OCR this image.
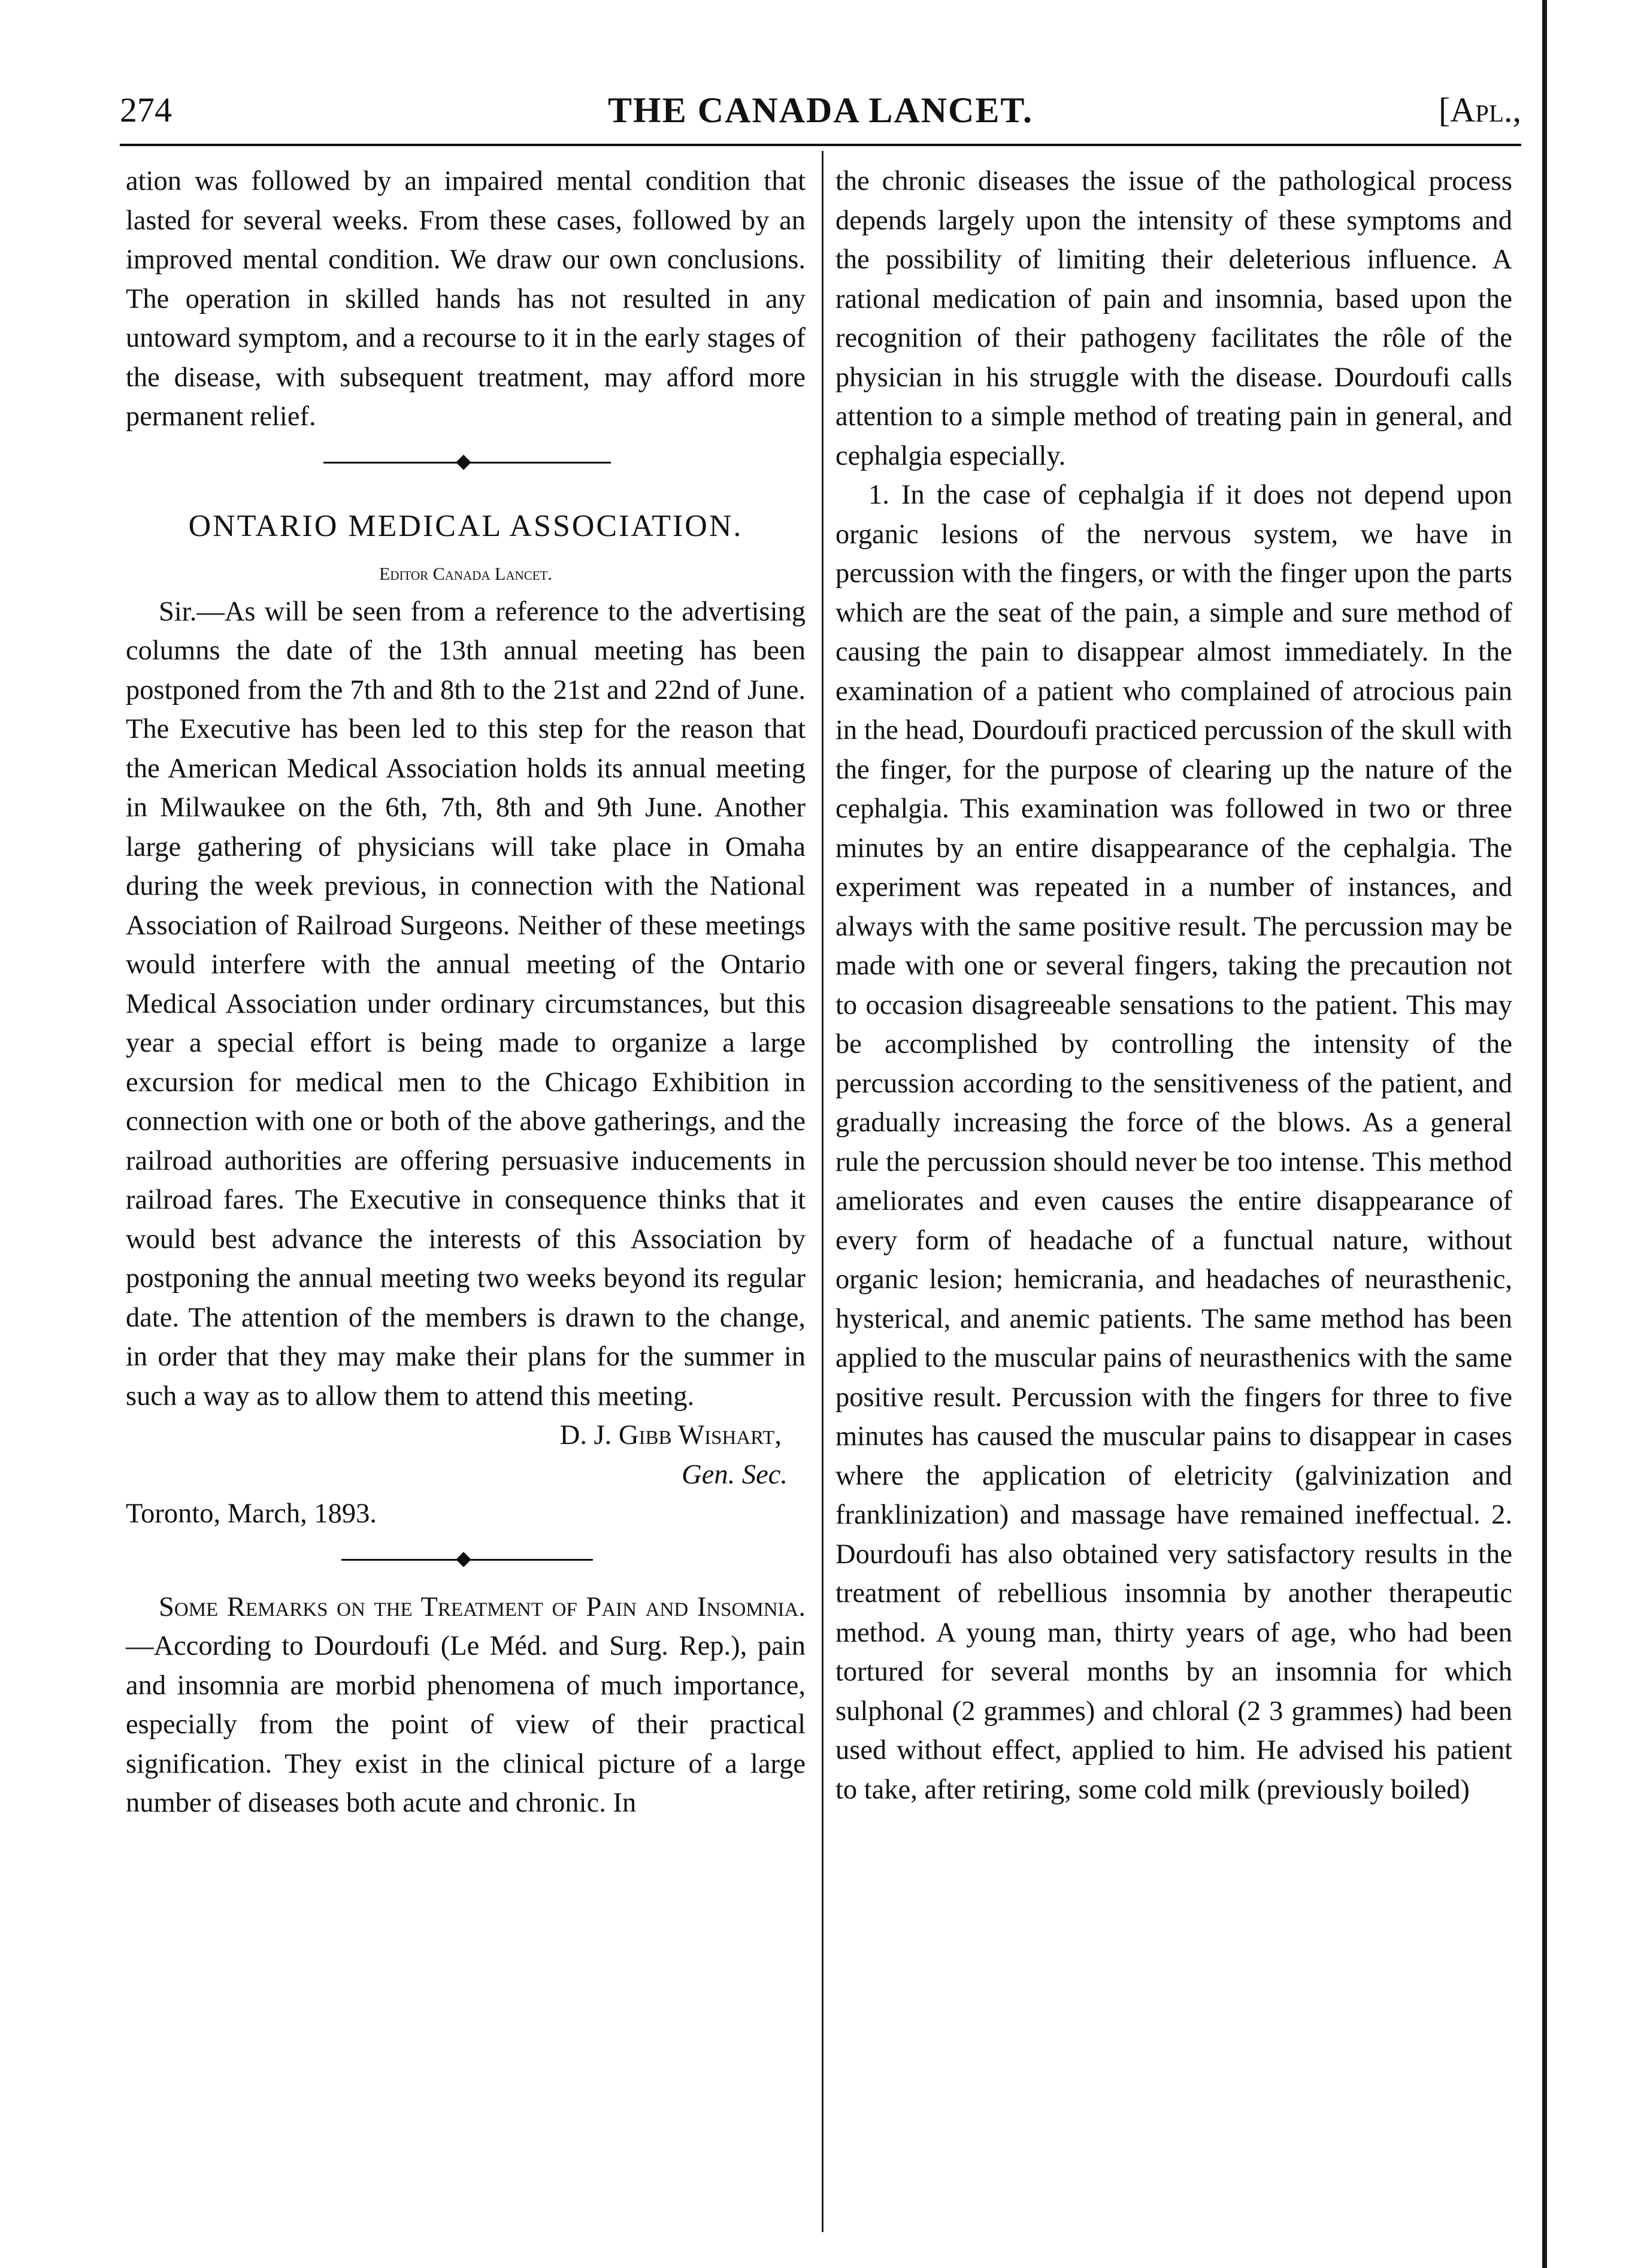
274	THE CANADA LANCET.	[Apl.,

ation was followed by an impaired mental condition that lasted for several weeks. From these cases, followed by an improved mental condition. We draw our own conclusions. The operation in skilled hands has not resulted in any untoward symptom, and a recourse to it in the early stages of the disease, with subsequent treatment, may afford more permanent relief.

ONTARIO MEDICAL ASSOCIATION.
Editor Canada Lancet.

Sir.—As will be seen from a reference to the advertising columns the date of the 13th annual meeting has been postponed from the 7th and 8th to the 21st and 22nd of June. The Executive has been led to this step for the reason that the American Medical Association holds its annual meeting in Milwaukee on the 6th, 7th, 8th and 9th June. Another large gathering of physicians will take place in Omaha during the week previous, in connection with the National Association of Railroad Surgeons. Neither of these meetings would interfere with the annual meeting of the Ontario Medical Association under ordinary circumstances, but this year a special effort is being made to organize a large excursion for medical men to the Chicago Exhibition in connection with one or both of the above gatherings, and the railroad authorities are offering persuasive inducements in railroad fares. The Executive in consequence thinks that it would best advance the interests of this Association by postponing the annual meeting two weeks beyond its regular date. The attention of the members is drawn to the change, in order that they may make their plans for the summer in such a way as to allow them to attend this meeting.

D. J. Gibb Wishart,
Gen. Sec.
Toronto, March, 1893.

Some Remarks on the Treatment of Pain and Insomnia.—According to Dourdoufi (Le Méd. and Surg. Rep.), pain and insomnia are morbid phenomena of much importance, especially from the point of view of their practical signification. They exist in the clinical picture of a large number of diseases both acute and chronic. In

the chronic diseases the issue of the pathological process depends largely upon the intensity of these symptoms and the possibility of limiting their deleterious influence. A rational medication of pain and insomnia, based upon the recognition of their pathogeny facilitates the rôle of the physician in his struggle with the disease. Dourdoufi calls attention to a simple method of treating pain in general, and cephalgia especially.

1. In the case of cephalgia if it does not depend upon organic lesions of the nervous system, we have in percussion with the fingers, or with the finger upon the parts which are the seat of the pain, a simple and sure method of causing the pain to disappear almost immediately. In the examination of a patient who complained of atrocious pain in the head, Dourdoufi practiced percussion of the skull with the finger, for the purpose of clearing up the nature of the cephalgia. This examination was followed in two or three minutes by an entire disappearance of the cephalgia. The experiment was repeated in a number of instances, and always with the same positive result. The percussion may be made with one or several fingers, taking the precaution not to occasion disagreeable sensations to the patient. This may be accomplished by controlling the intensity of the percussion according to the sensitiveness of the patient, and gradually increasing the force of the blows. As a general rule the percussion should never be too intense. This method ameliorates and even causes the entire disappearance of every form of headache of a functual nature, without organic lesion; hemicrania, and headaches of neurasthenic, hysterical, and anemic patients. The same method has been applied to the muscular pains of neurasthenics with the same positive result. Percussion with the fingers for three to five minutes has caused the muscular pains to disappear in cases where the application of eletricity (galvinization and franklinization) and massage have remained ineffectual. 2. Dourdoufi has also obtained very satisfactory results in the treatment of rebellious insomnia by another therapeutic method. A young man, thirty years of age, who had been tortured for several months by an insomnia for which sulphonal (2 grammes) and chloral (2 3 grammes) had been used without effect, applied to him. He advised his patient to take, after retiring, some cold milk (previously boiled)
